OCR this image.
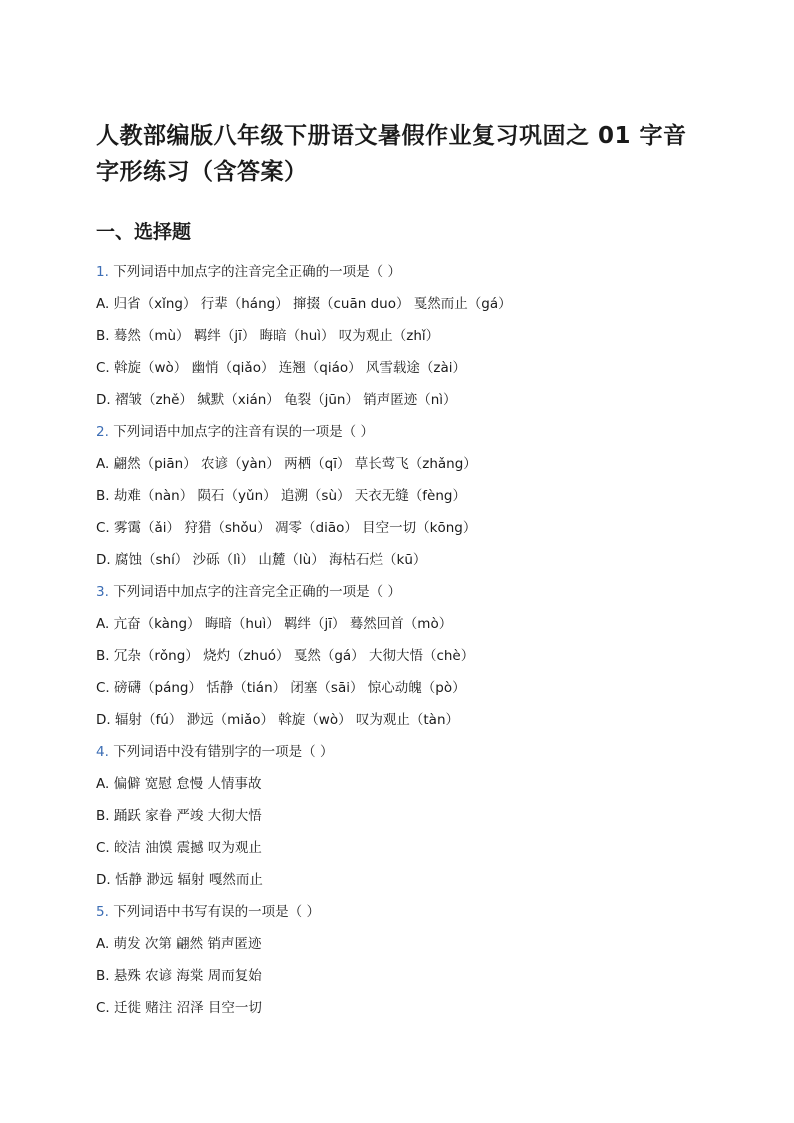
人教部编版八年级下册语文暑假作业复习巩固之 01 字音字形练习（含答案）
一、选择题
1. 下列词语中加点字的注音完全正确的一项是（ ）
A. 归省（xǐng） 行辈（háng） 撺掇（cuān duo） 戛然而止（gá）
B. 蓦然（mù） 羁绊（jī） 晦暗（huì） 叹为观止（zhǐ）
C. 斡旋（wò） 幽悄（qiǎo） 连翘（qiáo） 风雪载途（zài）
D. 褶皱（zhě） 缄默（xián） 龟裂（jūn） 销声匿迹（nì）
2. 下列词语中加点字的注音有误的一项是（ ）
A. 翩然（piān） 农谚（yàn） 两栖（qī） 草长莺飞（zhǎng）
B. 劫难（nàn） 陨石（yǔn） 追溯（sù） 天衣无缝（fèng）
C. 雾霭（ǎi） 狩猎（shǒu） 凋零（diāo） 目空一切（kōng）
D. 腐蚀（shí） 沙砾（lì） 山麓（lù） 海枯石烂（kū）
3. 下列词语中加点字的注音完全正确的一项是（ ）
A. 亢奋（kàng） 晦暗（huì） 羁绊（jī） 蓦然回首（mò）
B. 冗杂（rǒng） 烧灼（zhuó） 戛然（gá） 大彻大悟（chè）
C. 磅礴（páng） 恬静（tián） 闭塞（sāi） 惊心动魄（pò）
D. 辐射（fú） 渺远（miǎo） 斡旋（wò） 叹为观止（tàn）
4. 下列词语中没有错别字的一项是（ ）
A. 偏僻 宽慰 怠慢 人情事故
B. 踊跃 家眷 严竣 大彻大悟
C. 皎洁 油馍 震撼 叹为观止
D. 恬静 渺远 辐射 嘎然而止
5. 下列词语中书写有误的一项是（ ）
A. 萌发 次第 翩然 销声匿迹
B. 悬殊 农谚 海棠 周而复始
C. 迁徙 赌注 沼泽 目空一切
